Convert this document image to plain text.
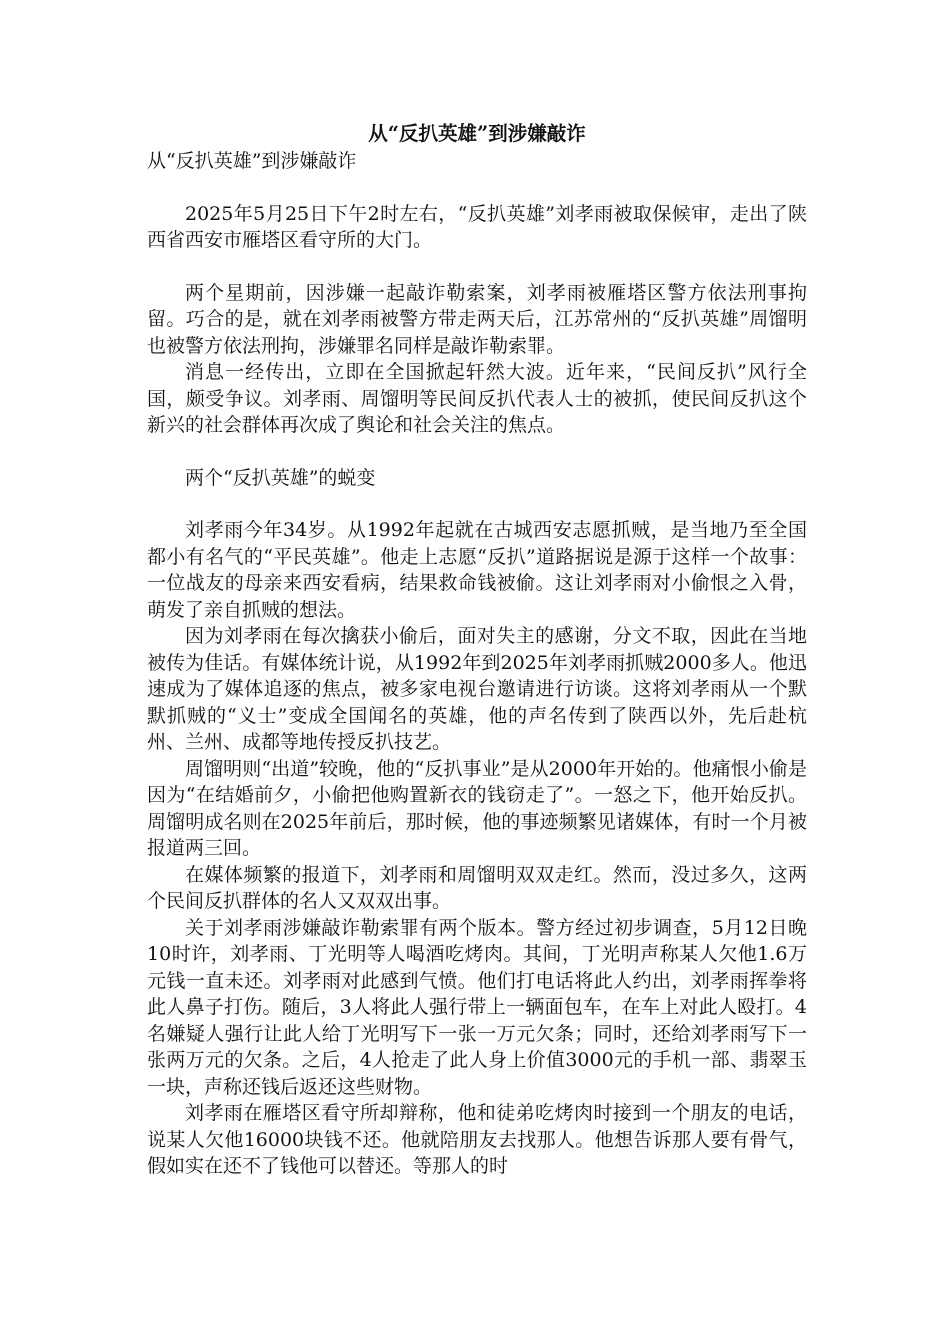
从“反扒英雄”到涉嫌敲诈

从“反扒英雄”到涉嫌敲诈

2025年5月25日下午2时左右，“反扒英雄”刘孝雨被取保候审，走出了陕西省西安市雁塔区看守所的大门。

两个星期前，因涉嫌一起敲诈勒索案，刘孝雨被雁塔区警方依法刑事拘留。巧合的是，就在刘孝雨被警方带走两天后，江苏常州的“反扒英雄”周馏明也被警方依法刑拘，涉嫌罪名同样是敲诈勒索罪。

消息一经传出，立即在全国掀起轩然大波。近年来，“民间反扒”风行全国，颇受争议。刘孝雨、周馏明等民间反扒代表人士的被抓，使民间反扒这个新兴的社会群体再次成了舆论和社会关注的焦点。

两个“反扒英雄”的蜕变

刘孝雨今年34岁。从1992年起就在古城西安志愿抓贼，是当地乃至全国都小有名气的“平民英雄”。他走上志愿“反扒”道路据说是源于这样一个故事：一位战友的母亲来西安看病，结果救命钱被偷。这让刘孝雨对小偷恨之入骨，萌发了亲自抓贼的想法。

因为刘孝雨在每次擒获小偷后，面对失主的感谢，分文不取，因此在当地被传为佳话。有媒体统计说，从1992年到2025年刘孝雨抓贼2000多人。他迅速成为了媒体追逐的焦点，被多家电视台邀请进行访谈。这将刘孝雨从一个默默抓贼的“义士”变成全国闻名的英雄，他的声名传到了陕西以外，先后赴杭州、兰州、成都等地传授反扒技艺。

周馏明则“出道”较晚，他的“反扒事业”是从2000年开始的。他痛恨小偷是因为“在结婚前夕，小偷把他购置新衣的钱窃走了”。一怒之下，他开始反扒。周馏明成名则在2025年前后，那时候，他的事迹频繁见诸媒体，有时一个月被报道两三回。

在媒体频繁的报道下，刘孝雨和周馏明双双走红。然而，没过多久，这两个民间反扒群体的名人又双双出事。

关于刘孝雨涉嫌敲诈勒索罪有两个版本。警方经过初步调查，5月12日晚10时许，刘孝雨、丁光明等人喝酒吃烤肉。其间，丁光明声称某人欠他1.6万元钱一直未还。刘孝雨对此感到气愤。他们打电话将此人约出，刘孝雨挥拳将此人鼻子打伤。随后，3人将此人强行带上一辆面包车，在车上对此人殴打。4名嫌疑人强行让此人给丁光明写下一张一万元欠条；同时，还给刘孝雨写下一张两万元的欠条。之后，4人抢走了此人身上价值3000元的手机一部、翡翠玉一块，声称还钱后返还这些财物。

刘孝雨在雁塔区看守所却辩称，他和徒弟吃烤肉时接到一个朋友的电话，说某人欠他16000块钱不还。他就陪朋友去找那人。他想告诉那人要有骨气，假如实在还不了钱他可以替还。等那人的时
